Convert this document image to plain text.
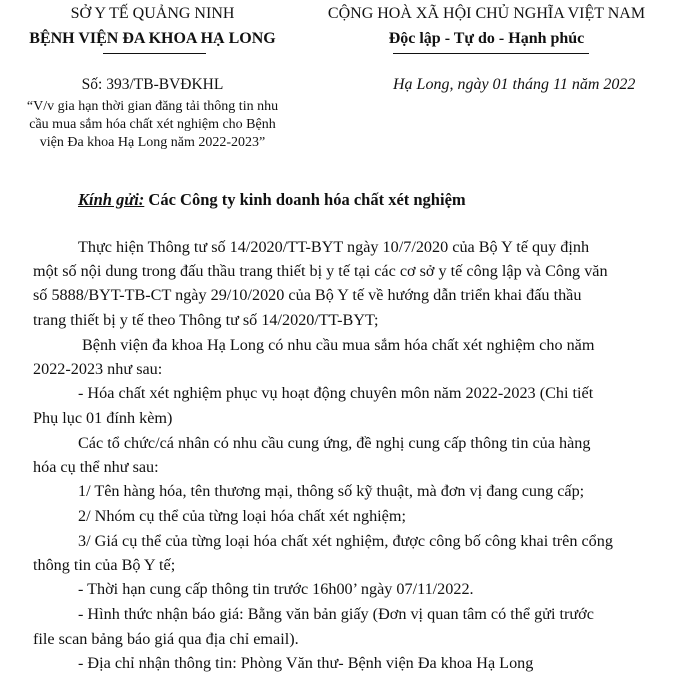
SỞ Y TẾ QUẢNG NINH
BỆNH VIỆN ĐA KHOA HẠ LONG
CỘNG HOÀ XÃ HỘI CHỦ NGHĨA VIỆT NAM
Độc lập - Tự do - Hạnh phúc
Số: 393/TB-BVĐKHL
“V/v gia hạn thời gian đăng tải thông tin nhu
cầu mua sắm hóa chất xét nghiệm cho Bệnh
viện Đa khoa Hạ Long năm 2022-2023”
Hạ Long, ngày 01 tháng 11 năm 2022
Kính gửi: Các Công ty kinh doanh hóa chất xét nghiệm
Thực hiện Thông tư số 14/2020/TT-BYT ngày 10/7/2020 của Bộ Y tế quy định
một số nội dung trong đấu thầu trang thiết bị y tế tại các cơ sở y tế công lập và Công văn
số 5888/BYT-TB-CT ngày 29/10/2020 của Bộ Y tế về hướng dẫn triển khai đấu thầu
trang thiết bị y tế theo Thông tư số 14/2020/TT-BYT;
Bệnh viện đa khoa Hạ Long có nhu cầu mua sắm hóa chất xét nghiệm cho năm
2022-2023 như sau:
- Hóa chất xét nghiệm phục vụ hoạt động chuyên môn năm 2022-2023 (Chi tiết
Phụ lục 01 đính kèm)
Các tổ chức/cá nhân có nhu cầu cung ứng, đề nghị cung cấp thông tin của hàng
hóa cụ thể như sau:
1/ Tên hàng hóa, tên thương mại, thông số kỹ thuật, mà đơn vị đang cung cấp;
2/ Nhóm cụ thể của từng loại hóa chất xét nghiệm;
3/ Giá cụ thể của từng loại hóa chất xét nghiệm, được công bố công khai trên cổng
thông tin của Bộ Y tế;
- Thời hạn cung cấp thông tin trước 16h00’ ngày 07/11/2022.
- Hình thức nhận báo giá: Bằng văn bản giấy (Đơn vị quan tâm có thể gửi trước
file scan bảng báo giá qua địa chỉ email).
- Địa chỉ nhận thông tin: Phòng Văn thư- Bệnh viện Đa khoa Hạ Long
